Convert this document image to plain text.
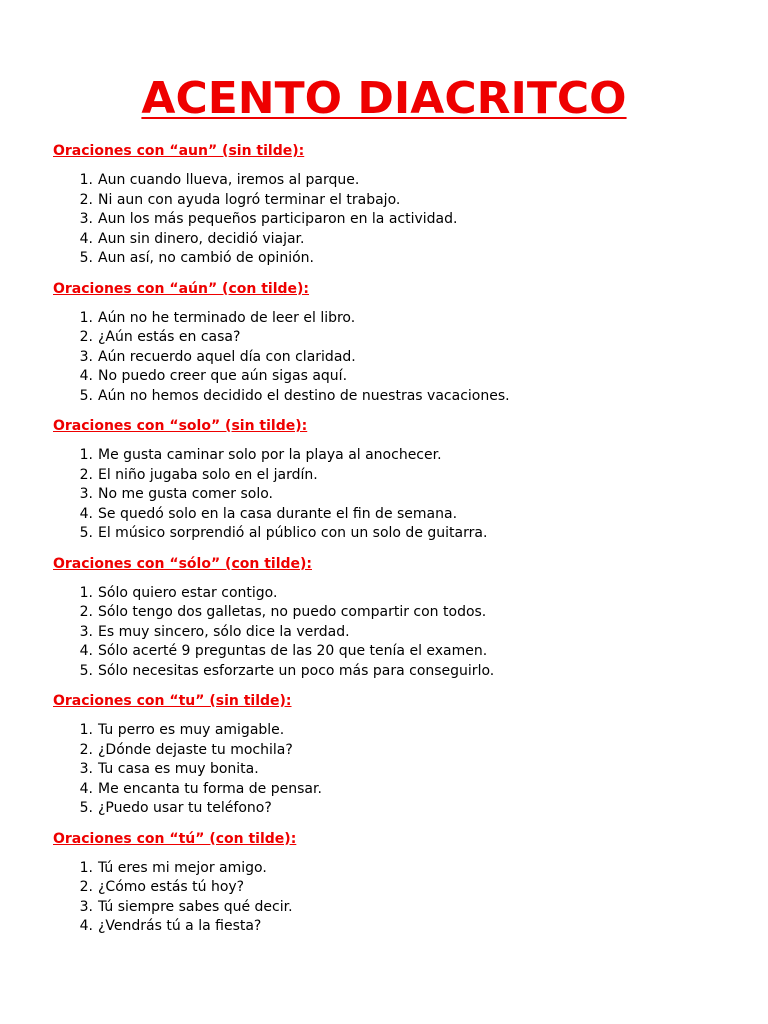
ACENTO DIACRITCO
Oraciones con “aun” (sin tilde):
1. Aun cuando llueva, iremos al parque.
2. Ni aun con ayuda logró terminar el trabajo.
3. Aun los más pequeños participaron en la actividad.
4. Aun sin dinero, decidió viajar.
5. Aun así, no cambió de opinión.
Oraciones con “aún” (con tilde):
1. Aún no he terminado de leer el libro.
2. ¿Aún estás en casa?
3. Aún recuerdo aquel día con claridad.
4. No puedo creer que aún sigas aquí.
5. Aún no hemos decidido el destino de nuestras vacaciones.
Oraciones con “solo” (sin tilde):
1. Me gusta caminar solo por la playa al anochecer.
2. El niño jugaba solo en el jardín.
3. No me gusta comer solo.
4. Se quedó solo en la casa durante el fin de semana.
5. El músico sorprendió al público con un solo de guitarra.
Oraciones con “sólo” (con tilde):
1. Sólo quiero estar contigo.
2. Sólo tengo dos galletas, no puedo compartir con todos.
3. Es muy sincero, sólo dice la verdad.
4. Sólo acerté 9 preguntas de las 20 que tenía el examen.
5. Sólo necesitas esforzarte un poco más para conseguirlo.
Oraciones con “tu” (sin tilde):
1. Tu perro es muy amigable.
2. ¿Dónde dejaste tu mochila?
3. Tu casa es muy bonita.
4. Me encanta tu forma de pensar.
5. ¿Puedo usar tu teléfono?
Oraciones con “tú” (con tilde):
1. Tú eres mi mejor amigo.
2. ¿Cómo estás tú hoy?
3. Tú siempre sabes qué decir.
4. ¿Vendrás tú a la fiesta?
